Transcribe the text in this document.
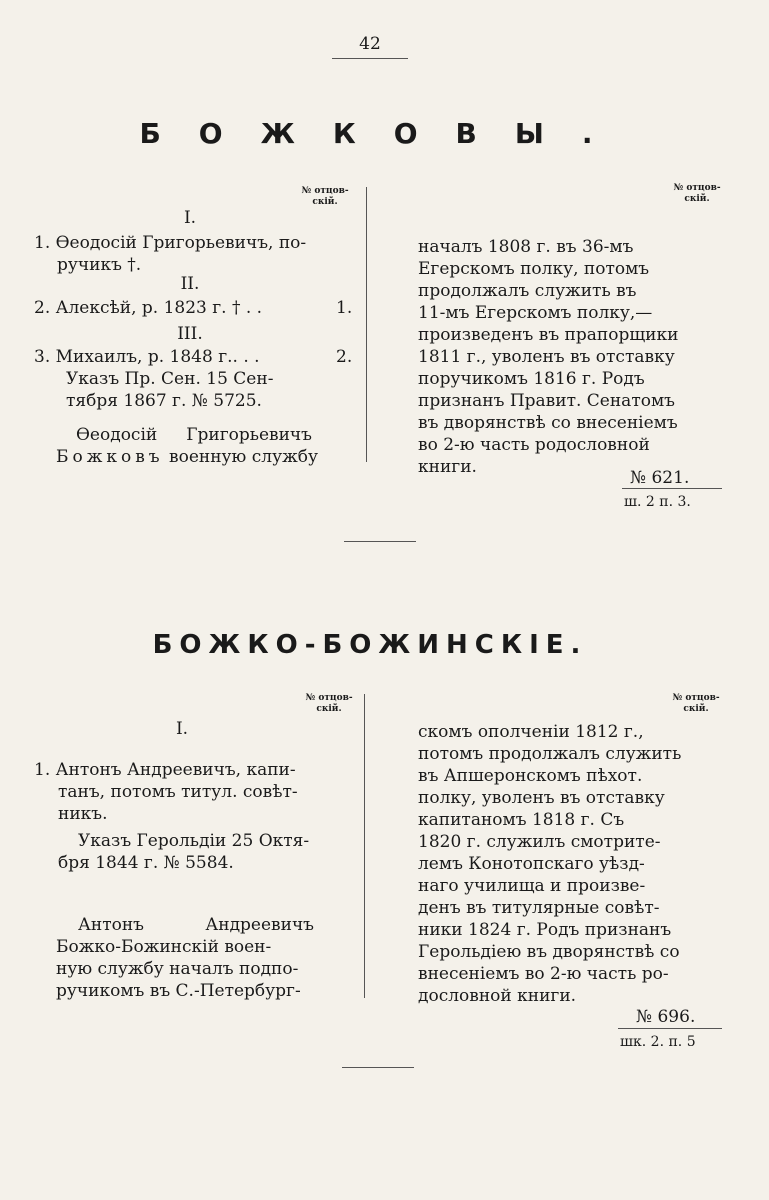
42
БОЖКОВЫ.
№ отцов-
скій.
№ отцов-
скій.
I.
1. Ѳеодосій Григорьевичъ, по-
ручикъ †.
II.
2. Алексѣй, р. 1823 г. † . .	1.
III.
3. Михаилъ, р. 1848 г.. . .	2.
Указъ Пр. Сен. 15 Сен-
тября 1867 г. № 5725.
Ѳеодосій Григорьевичъ
Божковъ военную службу
началъ 1808 г. въ 36-мъ
Егерскомъ полку, потомъ
продолжалъ служить въ
11-мъ Егерскомъ полку,—
произведенъ въ прапорщики
1811 г., уволенъ въ отставку
поручикомъ 1816 г. Родъ
признанъ Правит. Сенатомъ
въ дворянствѣ со внесеніемъ
во 2-ю часть родословной
книги.
№ 621.
ш. 2 п. 3.
БОЖКО-БОЖИНСКІЕ.
№ отцов-
скій.
№ отцов-
скій.
I.
1. Антонъ Андреевичъ, капи-
танъ, потомъ титул. совѣт-
никъ.
Указъ Герольдіи 25 Октя-
бря 1844 г. № 5584.
Антонъ Андреевичъ
Божко-Божинскій воен-
ную службу началъ подпо-
ручикомъ въ С.-Петербург-
скомъ ополченіи 1812 г.,
потомъ продолжалъ служить
въ Апшеронскомъ пѣхот.
полку, уволенъ въ отставку
капитаномъ 1818 г. Съ
1820 г. служилъ смотрите-
лемъ Конотопскаго уѣзд-
наго училища и произве-
денъ въ титулярные совѣт-
ники 1824 г. Родъ признанъ
Герольдіею въ дворянствѣ со
внесеніемъ во 2-ю часть ро-
дословной книги.
№ 696.
шк. 2. п. 5
